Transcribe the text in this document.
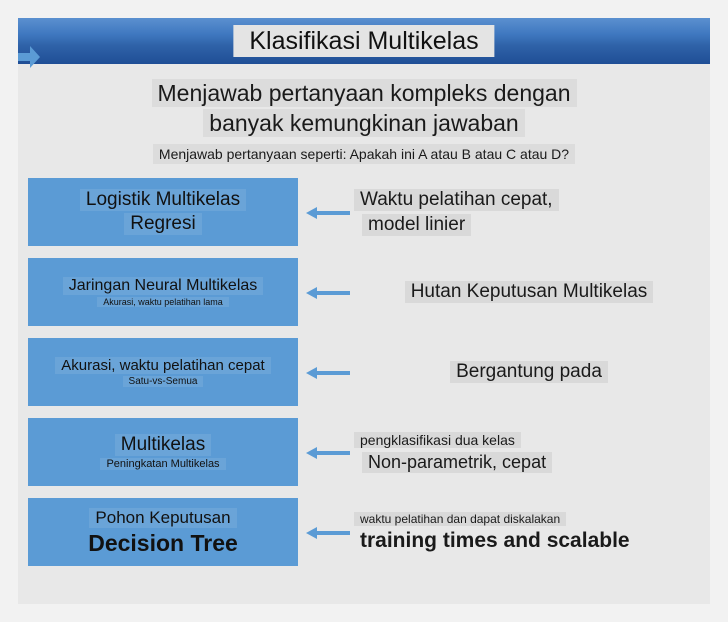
Klasifikasi Multikelas
Menjawab pertanyaan kompleks dengan
banyak kemungkinan jawaban
Menjawab pertanyaan seperti: Apakah ini A atau B atau C atau D?
Logistik Multikelas
Regresi
Waktu pelatihan cepat,
model linier
Jaringan Neural Multikelas
Akurasi, waktu pelatihan lama	Hutan Keputusan Multikelas
Akurasi, waktu pelatihan cepat
Satu-vs-Semua	Bergantung pada
Multikelas
Peningkatan Multikelas
pengklasifikasi dua kelas
Non-parametrik, cepat
Pohon Keputusan
Decision Tree
waktu pelatihan dan dapat diskalakan
training times and scalable
